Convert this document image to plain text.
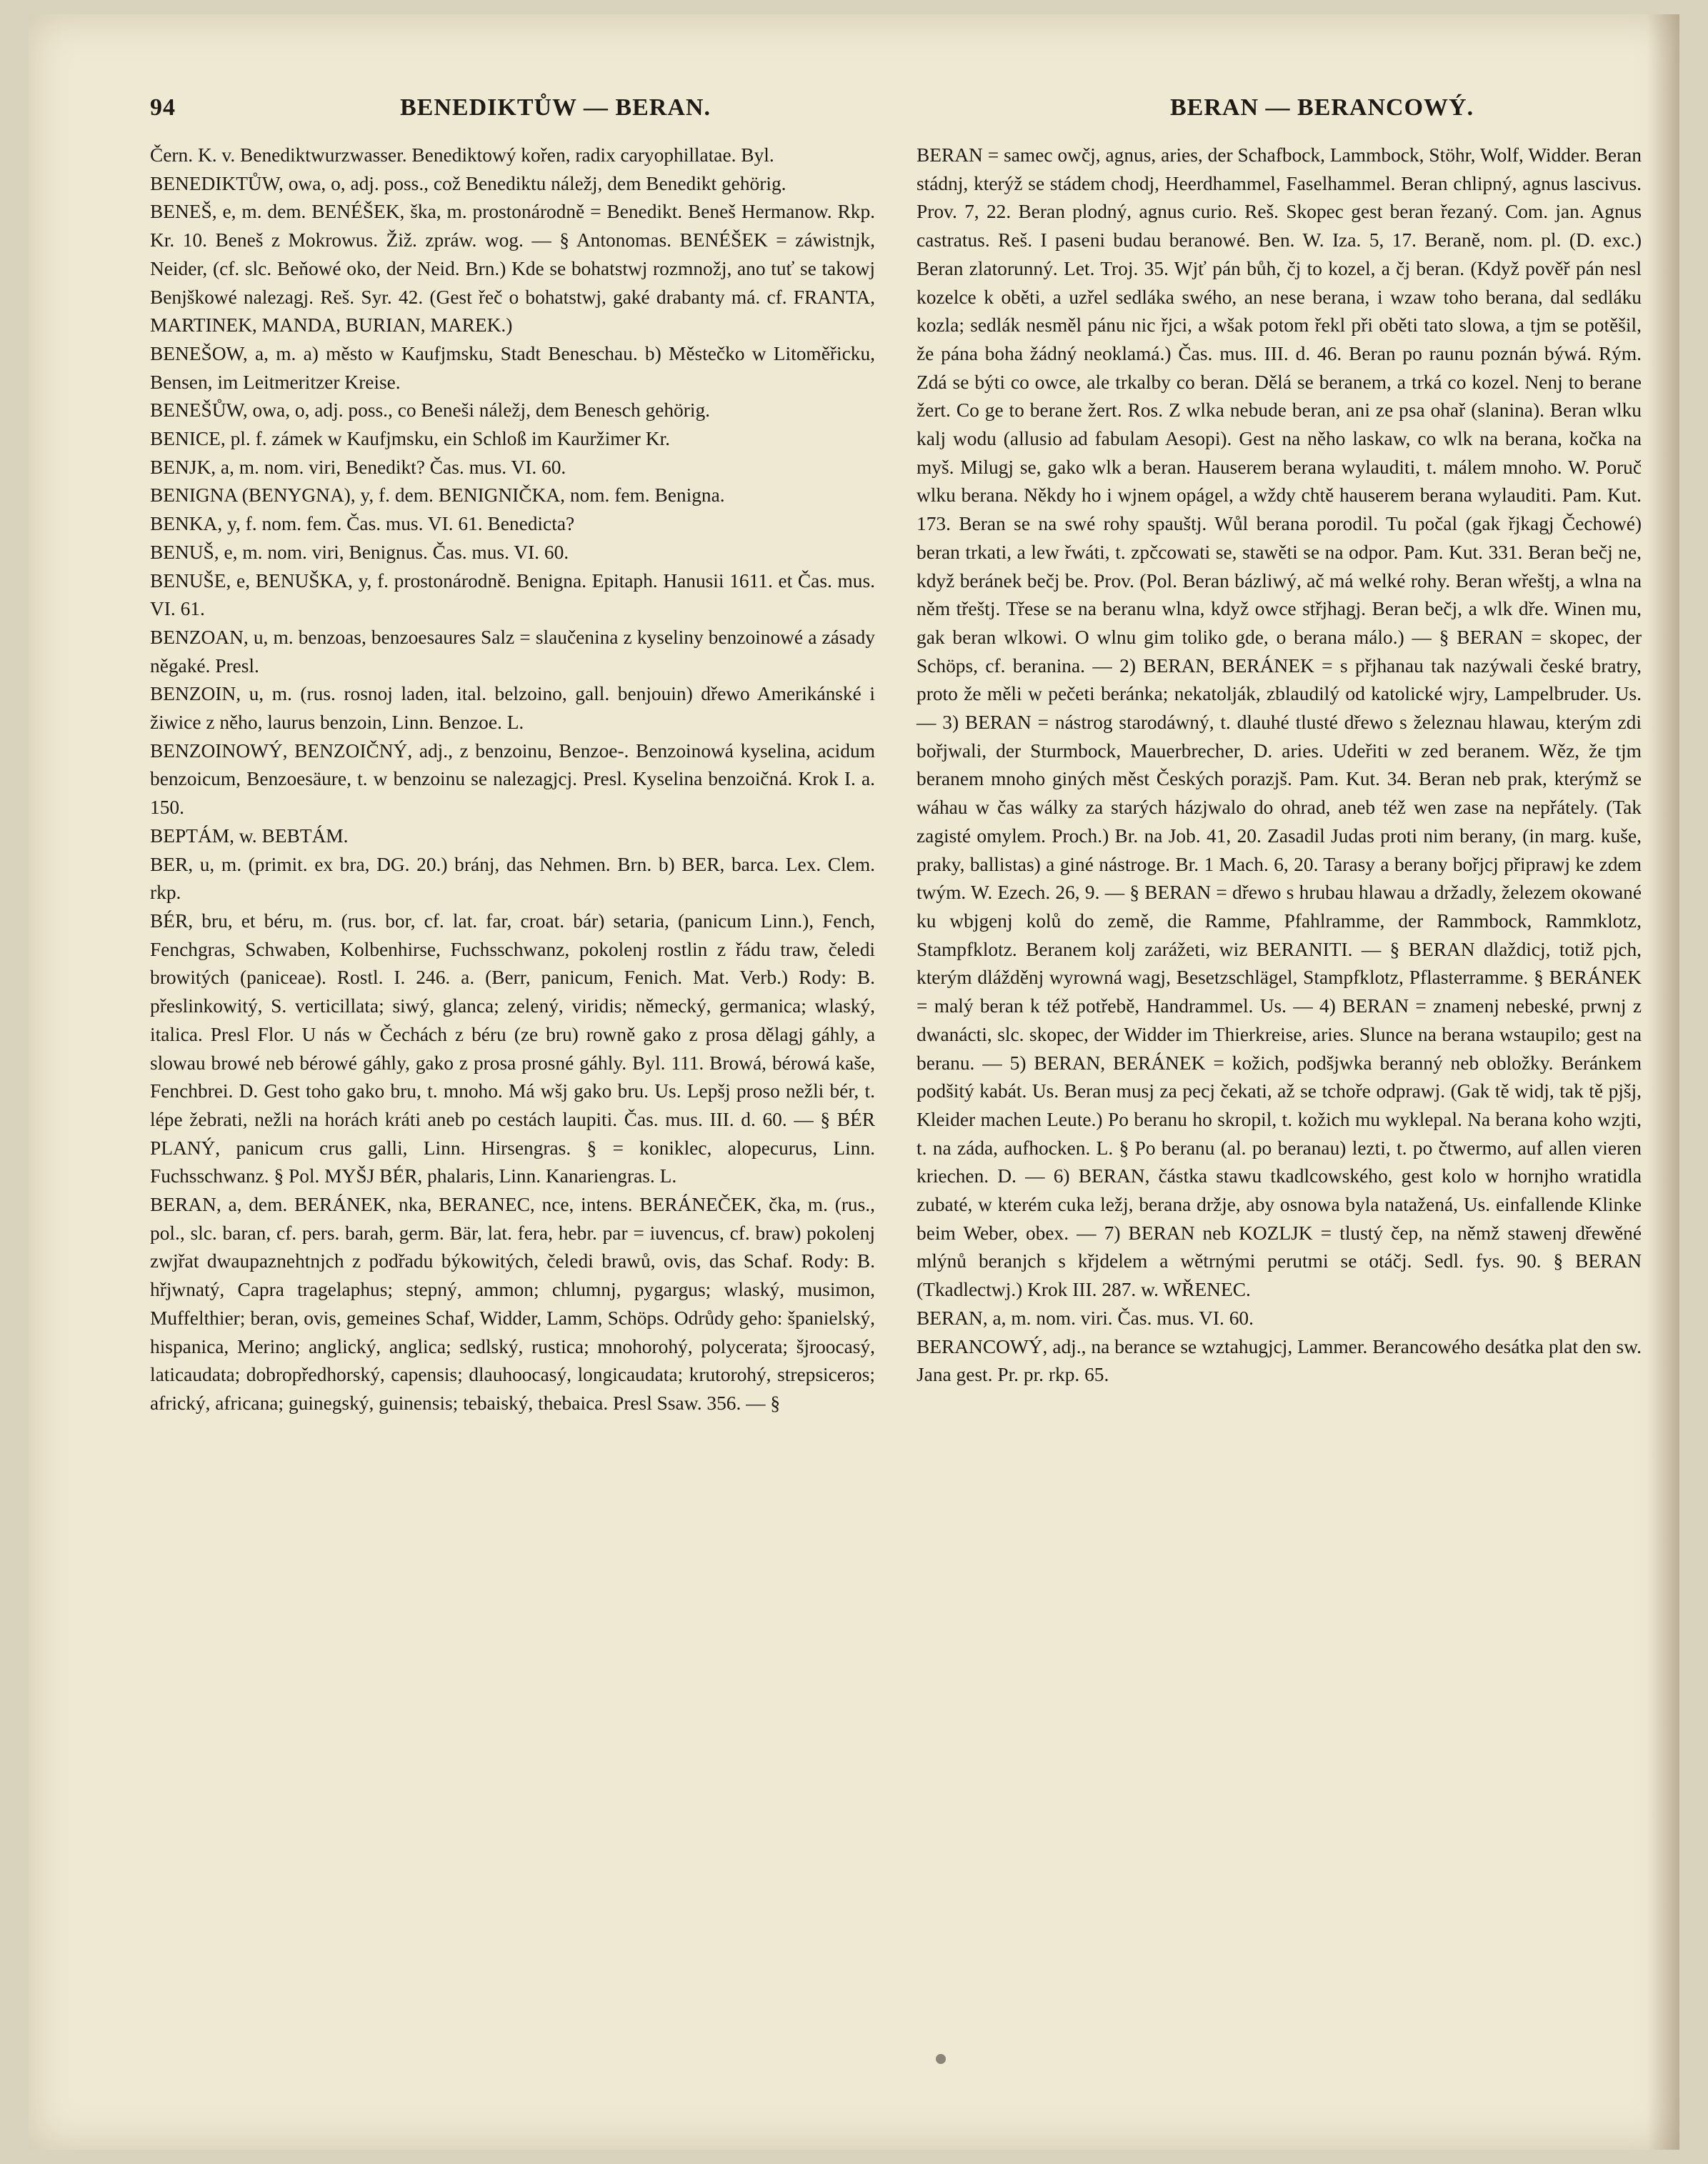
94	BENEDIKTŮW — BERAN.	BERAN — BERANCOWÝ.

Čern. K. v. Benediktwurzwasser. Benediktowý kořen, radix caryophillatae. Byl.

BENEDIKTŮW, owa, o, adj. poss., což Benediktu náležj, dem Benedikt gehörig.

BENEŠ, e, m. dem. BENÉŠEK, ška, m. prostonárodně = Benedikt. Beneš Hermanow. Rkp. Kr. 10. Beneš z Mokrowus. Žiž. zpráw. wog. — § Antonomas. BENÉŠEK = záwistnjk, Neider, (cf. slc. Beňowé oko, der Neid. Brn.) Kde se bohatstwj rozmnožj, ano tuť se takowj Benjškowé nalezagj. Reš. Syr. 42. (Gest řeč o bohatstwj, gaké drabanty má. cf. FRANTA, MARTINEK, MANDA, BURIAN, MAREK.)

BENEŠOW, a, m. a) město w Kaufjmsku, Stadt Beneschau. b) Městečko w Litoměřicku, Bensen, im Leitmeritzer Kreise.

BENEŠŮW, owa, o, adj. poss., co Beneši náležj, dem Benesch gehörig.

BENICE, pl. f. zámek w Kaufjmsku, ein Schloß im Kauržimer Kr.

BENJK, a, m. nom. viri, Benedikt? Čas. mus. VI. 60.

BENIGNA (BENYGNA), y, f. dem. BENIGNIČKA, nom. fem. Benigna.

BENKA, y, f. nom. fem. Čas. mus. VI. 61. Benedicta?

BENUŠ, e, m. nom. viri, Benignus. Čas. mus. VI. 60.

BENUŠE, e, BENUŠKA, y, f. prostonárodně. Benigna. Epitaph. Hanusii 1611. et Čas. mus. VI. 61.

BENZOAN, u, m. benzoas, benzoesaures Salz = slaučenina z kyseliny benzoinowé a zásady něgaké. Presl.

BENZOIN, u, m. (rus. rosnoj laden, ital. belzoino, gall. benjouin) dřewo Amerikánské i žiwice z něho, laurus benzoin, Linn. Benzoe. L.

BENZOINOWÝ, BENZOIČNÝ, adj., z benzoinu, Benzoe-. Benzoinowá kyselina, acidum benzoicum, Benzoesäure, t. w benzoinu se nalezagjcj. Presl. Kyselina benzoičná. Krok I. a. 150.

BEPTÁM, w. BEBTÁM.

BER, u, m. (primit. ex bra, DG. 20.) bránj, das Nehmen. Brn. b) BER, barca. Lex. Clem. rkp.

BÉR, bru, et béru, m. (rus. bor, cf. lat. far, croat. bár) setaria, (panicum Linn.), Fench, Fenchgras, Schwaben, Kolbenhirse, Fuchsschwanz, pokolenj rostlin z řádu traw, čeledi browitých (paniceae). Rostl. I. 246. a. (Berr, panicum, Fenich. Mat. Verb.) Rody: B. přeslinkowitý, S. verticillata; siwý, glanca; zelený, viridis; německý, germanica; wlaský, italica. Presl Flor. U nás w Čechách z béru (ze bru) rowně gako z prosa dělagj gáhly, a slowau browé neb bérowé gáhly, gako z prosa prosné gáhly. Byl. 111. Browá, bérowá kaše, Fenchbrei. D. Gest toho gako bru, t. mnoho. Má wšj gako bru. Us. Lepšj proso nežli bér, t. lépe žebrati, nežli na horách kráti aneb po cestách laupiti. Čas. mus. III. d. 60. — § BÉR PLANÝ, panicum crus galli, Linn. Hirsengras. § = koniklec, alopecurus, Linn. Fuchsschwanz. § Pol. MYŠJ BÉR, phalaris, Linn. Kanariengras. L.

BERAN, a, dem. BERÁNEK, nka, BERANEC, nce, intens. BERÁNEČEK, čka, m. (rus., pol., slc. baran, cf. pers. barah, germ. Bär, lat. fera, hebr. par = iuvencus, cf. braw) pokolenj zwjřat dwaupaznehtnjch z podřadu býkowitých, čeledi brawů, ovis, das Schaf. Rody: B. hřjwnatý, Capra tragelaphus; stepný, ammon; chlumnj, pygargus; wlaský, musimon, Muffelthier; beran, ovis, gemeines Schaf, Widder, Lamm, Schöps. Odrůdy geho: španielský, hispanica, Merino; anglický, anglica; sedlský, rustica; mnohorohý, polycerata; šjroocasý, laticaudata; dobropředhorský, capensis; dlauhoocasý, longicaudata; krutorohý, strepsiceros; africký, africana; guinegský, guinensis; tebaiský, thebaica. Presl Ssaw. 356. — §

BERAN = samec owčj, agnus, aries, der Schafbock, Lammbock, Stöhr, Wolf, Widder. Beran stádnj, kterýž se stádem chodj, Heerdhammel, Faselhammel. Beran chlipný, agnus lascivus. Prov. 7, 22. Beran plodný, agnus curio. Reš. Skopec gest beran řezaný. Com. jan. Agnus castratus. Reš. I paseni budau beranowé. Ben. W. Iza. 5, 17. Beraně, nom. pl. (D. exc.) Beran zlatorunný. Let. Troj. 35. Wjť pán bůh, čj to kozel, a čj beran. (Když pověř pán nesl kozelce k oběti, a uzřel sedláka swého, an nese berana, i wzaw toho berana, dal sedláku kozla; sedlák nesměl pánu nic řjci, a wšak potom řekl při oběti tato slowa, a tjm se potěšil, že pána boha žádný neoklamá.) Čas. mus. III. d. 46. Beran po raunu poznán býwá. Rým. Zdá se býti co owce, ale trkalby co beran. Dělá se beranem, a trká co kozel. Nenj to berane žert. Co ge to berane žert. Ros. Z wlka nebude beran, ani ze psa ohař (slanina). Beran wlku kalj wodu (allusio ad fabulam Aesopi). Gest na něho laskaw, co wlk na berana, kočka na myš. Milugj se, gako wlk a beran. Hauserem berana wylauditi, t. málem mnoho. W. Poruč wlku berana. Někdy ho i wjnem opágel, a wždy chtě hauserem berana wylauditi. Pam. Kut. 173. Beran se na swé rohy spauštj. Wůl berana porodil. Tu počal (gak řjkagj Čechowé) beran trkati, a lew řwáti, t. zpčcowati se, stawěti se na odpor. Pam. Kut. 331. Beran bečj ne, když beránek bečj be. Prov. (Pol. Beran bázliwý, ač má welké rohy. Beran wřeštj, a wlna na něm třeštj. Třese se na beranu wlna, když owce střjhagj. Beran bečj, a wlk dře. Winen mu, gak beran wlkowi. O wlnu gim toliko gde, o berana málo.) — § BERAN = skopec, der Schöps, cf. beranina. — 2) BERAN, BERÁNEK = s přjhanau tak nazýwali české bratry, proto že měli w pečeti beránka; nekatolják, zblaudilý od katolické wjry, Lampelbruder. Us. — 3) BERAN = nástrog starodáwný, t. dlauhé tlusté dřewo s železnau hlawau, kterým zdi bořjwali, der Sturmbock, Mauerbrecher, D. aries. Udeřiti w zed beranem. Wěz, že tjm beranem mnoho giných měst Českých porazjš. Pam. Kut. 34. Beran neb prak, kterýmž se wáhau w čas wálky za starých házjwalo do ohrad, aneb též wen zase na nepřátely. (Tak zagisté omylem. Proch.) Br. na Job. 41, 20. Zasadil Judas proti nim berany, (in marg. kuše, praky, ballistas) a giné nástroge. Br. 1 Mach. 6, 20. Tarasy a berany bořjcj připrawj ke zdem twým. W. Ezech. 26, 9. — § BERAN = dřewo s hrubau hlawau a držadly, železem okowané ku wbjgenj kolů do země, die Ramme, Pfahlramme, der Rammbock, Rammklotz, Stampfklotz. Beranem kolj zarážeti, wiz BERANITI. — § BERAN dlaždicj, totiž pjch, kterým dlážděnj wyrowná wagj, Besetzschlägel, Stampfklotz, Pflasterramme. § BERÁNEK = malý beran k též potřebě, Handrammel. Us. — 4) BERAN = znamenj nebeské, prwnj z dwanácti, slc. skopec, der Widder im Thierkreise, aries. Slunce na berana wstaupilo; gest na beranu. — 5) BERAN, BERÁNEK = kožich, podšjwka beranný neb obložky. Beránkem podšitý kabát. Us. Beran musj za pecj čekati, až se tchoře odprawj. (Gak tě widj, tak tě pjšj, Kleider machen Leute.) Po beranu ho skropil, t. kožich mu wyklepal. Na berana koho wzjti, t. na záda, aufhocken. L. § Po beranu (al. po beranau) lezti, t. po čtwermo, auf allen vieren kriechen. D. — 6) BERAN, částka stawu tkadlcowského, gest kolo w hornjho wratidla zubaté, w kterém cuka ležj, berana držje, aby osnowa byla natažená, Us. einfallende Klinke beim Weber, obex. — 7) BERAN neb KOZLJK = tlustý čep, na němž stawenj dřewěné mlýnů beranjch s křjdelem a wětrnými perutmi se otáčj. Sedl. fys. 90. § BERAN (Tkadlectwj.) Krok III. 287. w. WŘENEC.

BERAN, a, m. nom. viri. Čas. mus. VI. 60.

BERANCOWÝ, adj., na berance se wztahugjcj, Lammer. Berancowého desátka plat den sw. Jana gest. Pr. pr. rkp. 65.
